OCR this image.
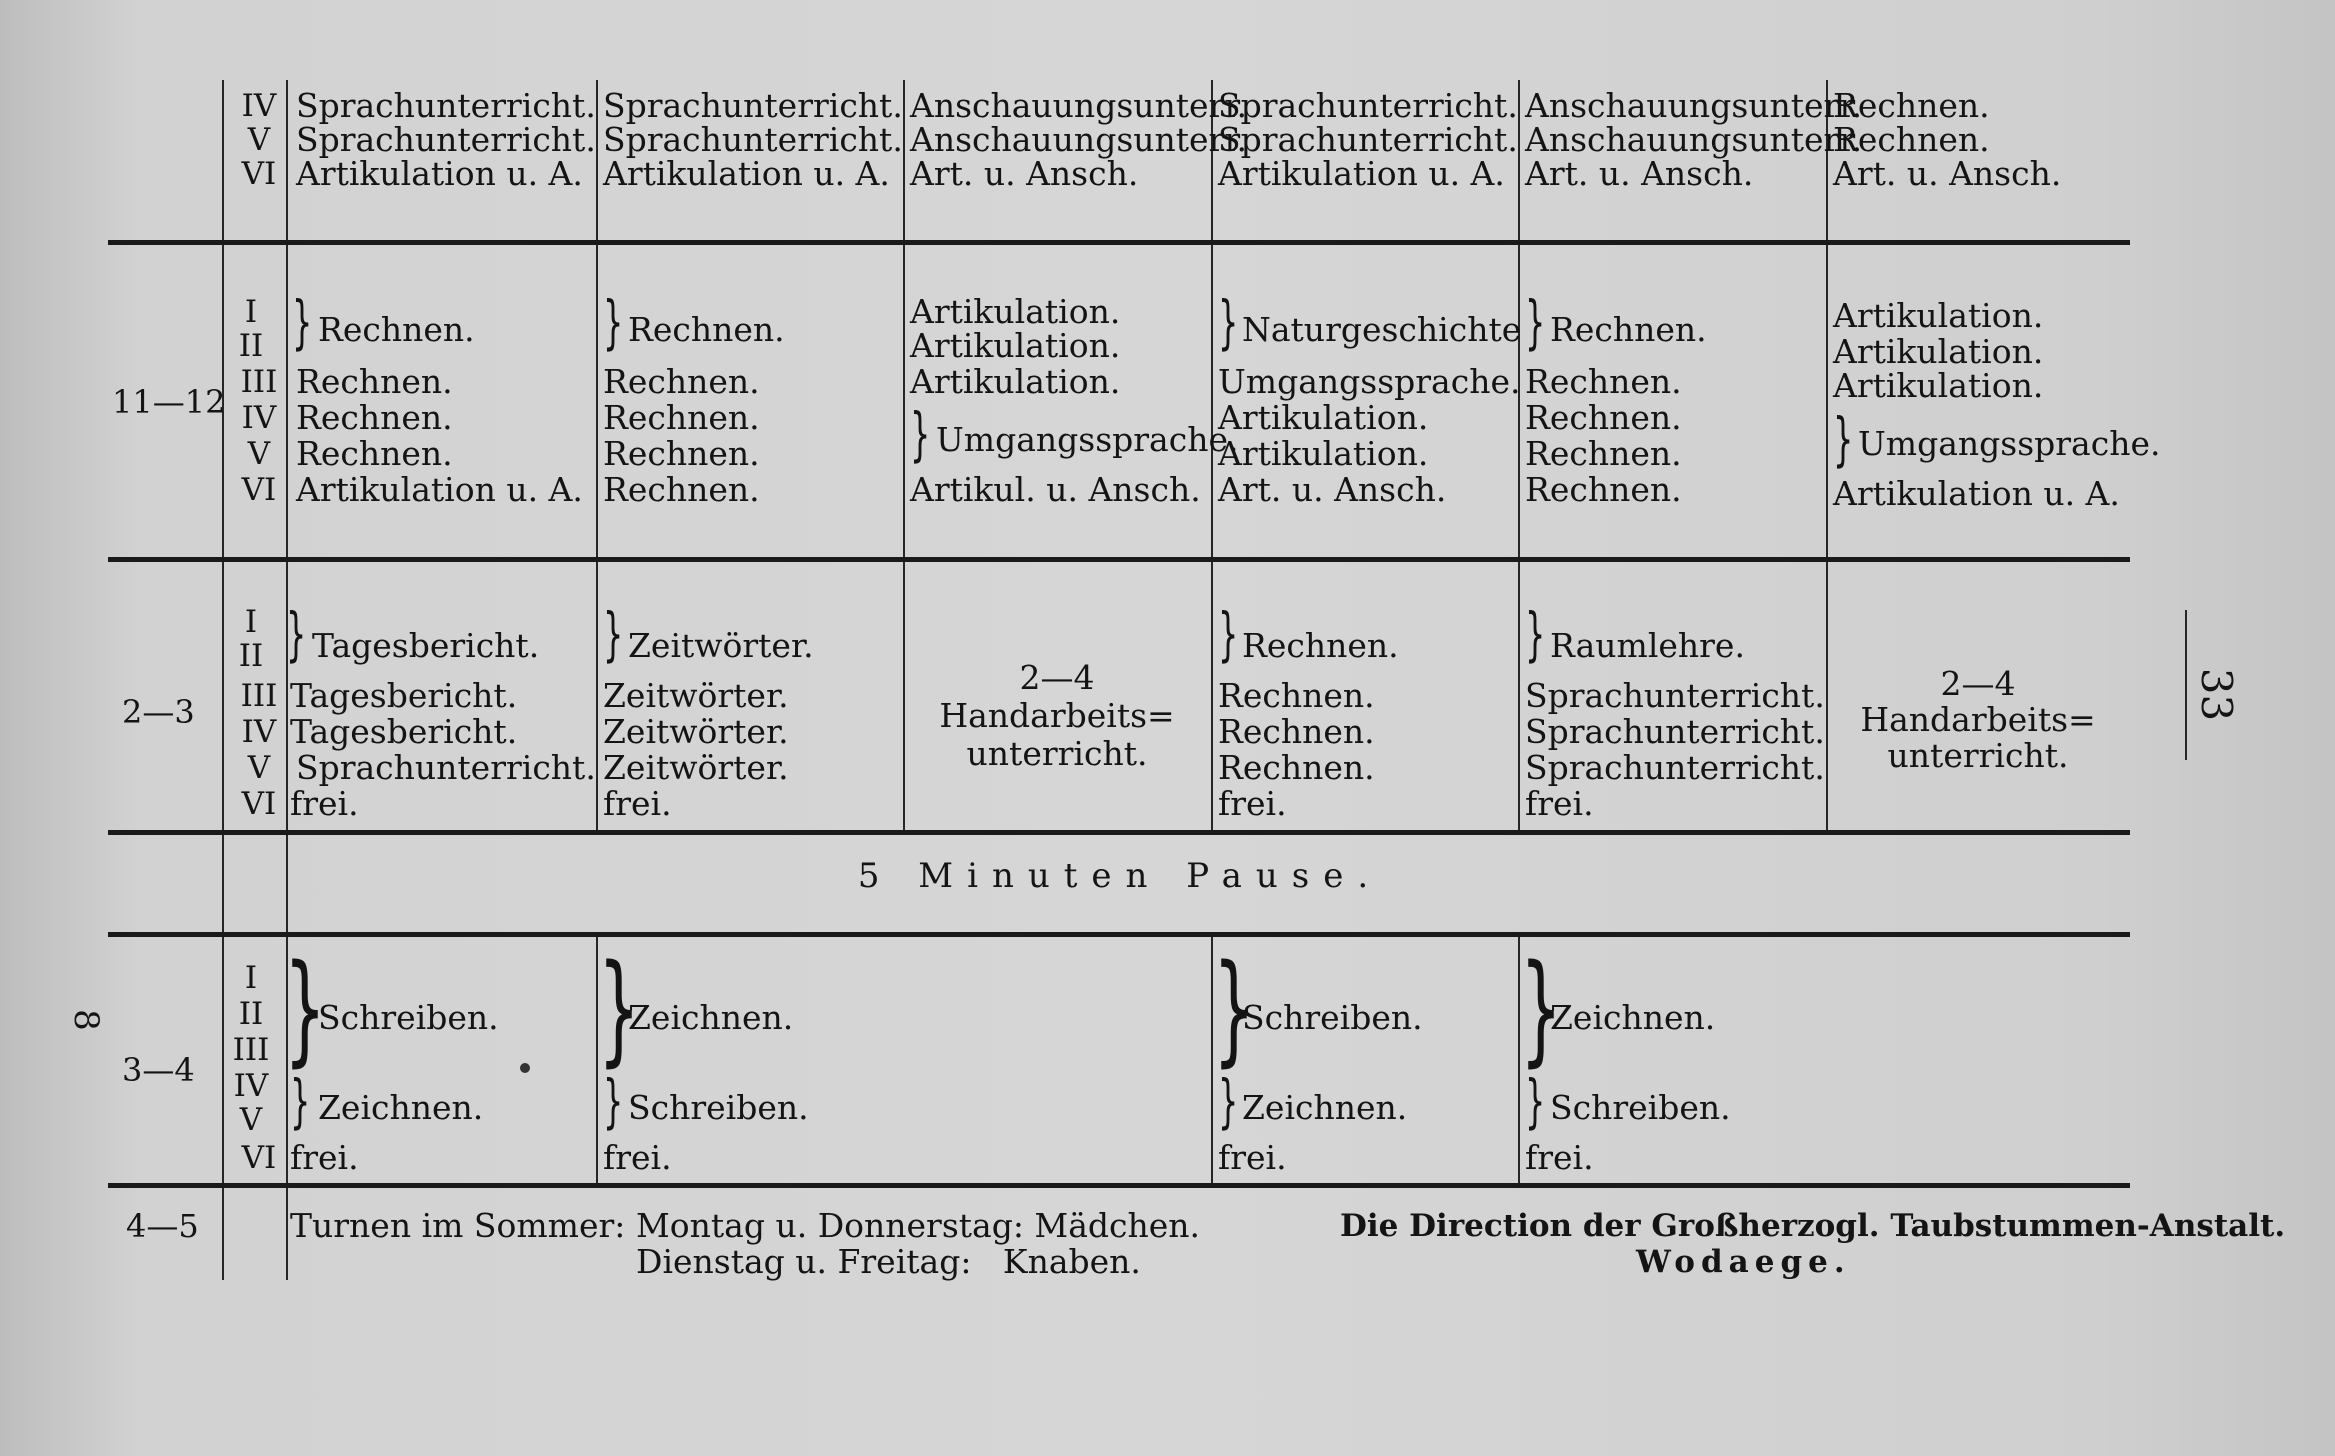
33
8
IV
V
VI
Sprachunterricht. Sprachunterricht. Anschauungsunterr.
Sprachunterricht. Anschauungsunterr.
Rechnen.
Sprachunterricht. Sprachunterricht. Anschauungsunterr.
Sprachunterricht. Anschauungsunterr.
Rechnen.
Artikulation u. A. Artikulation u. A. Art. u. Ansch. Artikulation u. A. Art. u. Ansch. Art. u. Ansch.
11—12
I
II
III
IV
V
VI
} Rechnen.
Rechnen.
Rechnen.
Rechnen.
Artikulation u. A.
} Rechnen.
Rechnen.
Rechnen.
Rechnen.
Rechnen.
Artikulation.
Artikulation.
Artikulation.
} Umgangssprache.
Artikul. u. Ansch.
} Naturgeschichte
Umgangssprache.
Artikulation.
Artikulation.
Art. u. Ansch.
} Rechnen.
Rechnen.
Rechnen.
Rechnen.
Rechnen.
Artikulation.
Artikulation.
Artikulation.
} Umgangssprache.
Artikulation u. A.
2—3
I
II
III
IV
V
VI
} Tagesbericht.
Tagesbericht.
Tagesbericht.
Sprachunterricht.
frei.
} Zeitwörter.
Zeitwörter.
Zeitwörter.
Zeitwörter.
frei.
2—4
Handarbeits=
unterricht.
} Rechnen.
Rechnen.
Rechnen.
Rechnen.
frei.
} Raumlehre.
Sprachunterricht.
Sprachunterricht.
Sprachunterricht.
frei.
2—4
Handarbeits=
unterricht.
5 Minuten Pause.
3—4
I
II
III
IV
V
VI
}
Schreiben.
} Zeichnen.
frei.
}
Zeichnen.
} Schreiben.
frei.
}
Schreiben.
} Zeichnen.
frei.
}
Zeichnen.
} Schreiben.
frei.
4—5	Turnen im Sommer: Montag u. Donnerstag: Mädchen.
Dienstag u. Freitag:   Knaben.
Die Direction der Großherzogl. Taubstummen-Anstalt.
Wodaege.
